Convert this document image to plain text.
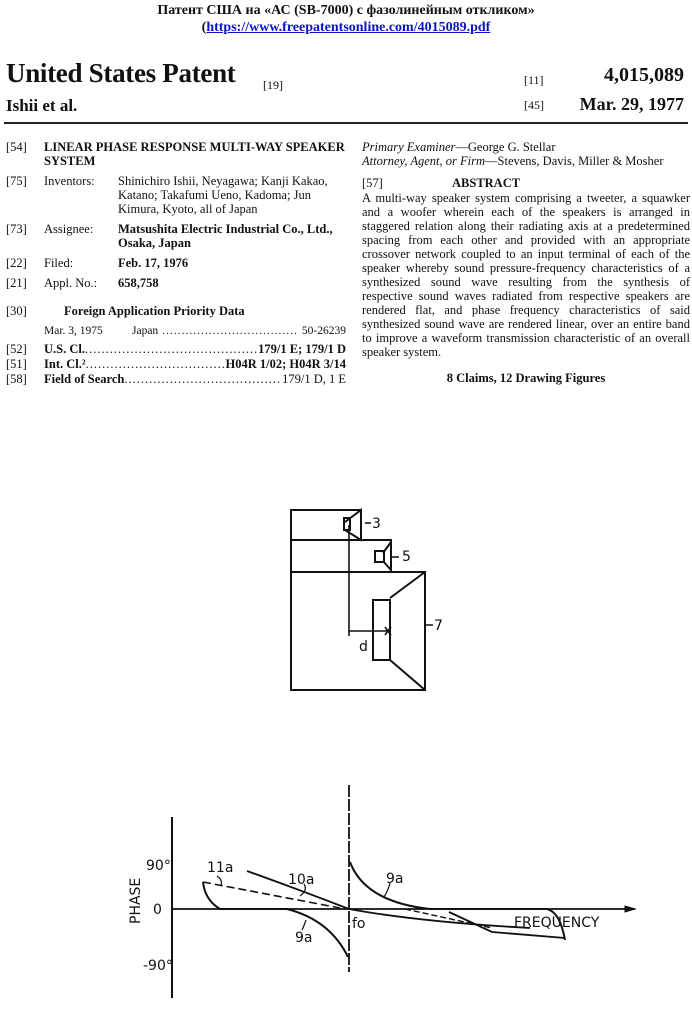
Патент США на «АС (SB-7000) с фазолинейным откликом»
(https://www.freepatentsonline.com/4015089.pdf
United States Patent [19]
Ishii et al.
[11]
[45]
4,015,089
Mar. 29, 1977
[54]	LINEAR PHASE RESPONSE MULTI-WAY SPEAKER SYSTEM
[75]	Inventors:	Shinichiro Ishii, Neyagawa; Kanji Kakao, Katano; Takafumi Ueno, Kadoma; Jun Kimura, Kyoto, all of Japan
[73]	Assignee:	Matsushita Electric Industrial Co., Ltd., Osaka, Japan
[22]	Filed:	Feb. 17, 1976
[21]	Appl. No.:	658,758
[30]	Foreign Application Priority Data
Mar. 3, 1975	Japan .....	50-26239
[52]	U.S. Cl. .....	179/1 E; 179/1 D
[51]	Int. Cl.² .....	H04R 1/02; H04R 3/14
[58]	Field of Search .....	179/1 D, 1 E
Primary Examiner—George G. Stellar
Attorney, Agent, or Firm—Stevens, Davis, Miller & Mosher
[57]	ABSTRACT
A multi-way speaker system comprising a tweeter, a squawker and a woofer wherein each of the speakers is arranged in staggered relation along their radiating axis at a predetermined spacing from each other and provided with an appropriate crossover network coupled to an input terminal of each of the speaker whereby sound pressure-frequency characteristics of a synthesized sound wave resulting from the synthesis of respective sound waves radiated from respective speakers are rendered flat, and phase frequency characteristics of said synthesized sound wave are rendered linear, over an entire band to improve a waveform transmission characteristic of an overall speaker system.
8 Claims, 12 Drawing Figures
3
5
7
d
PHASE
90°
0
-90°
fo	FREQUENCY
11a
10a	9a
9a
